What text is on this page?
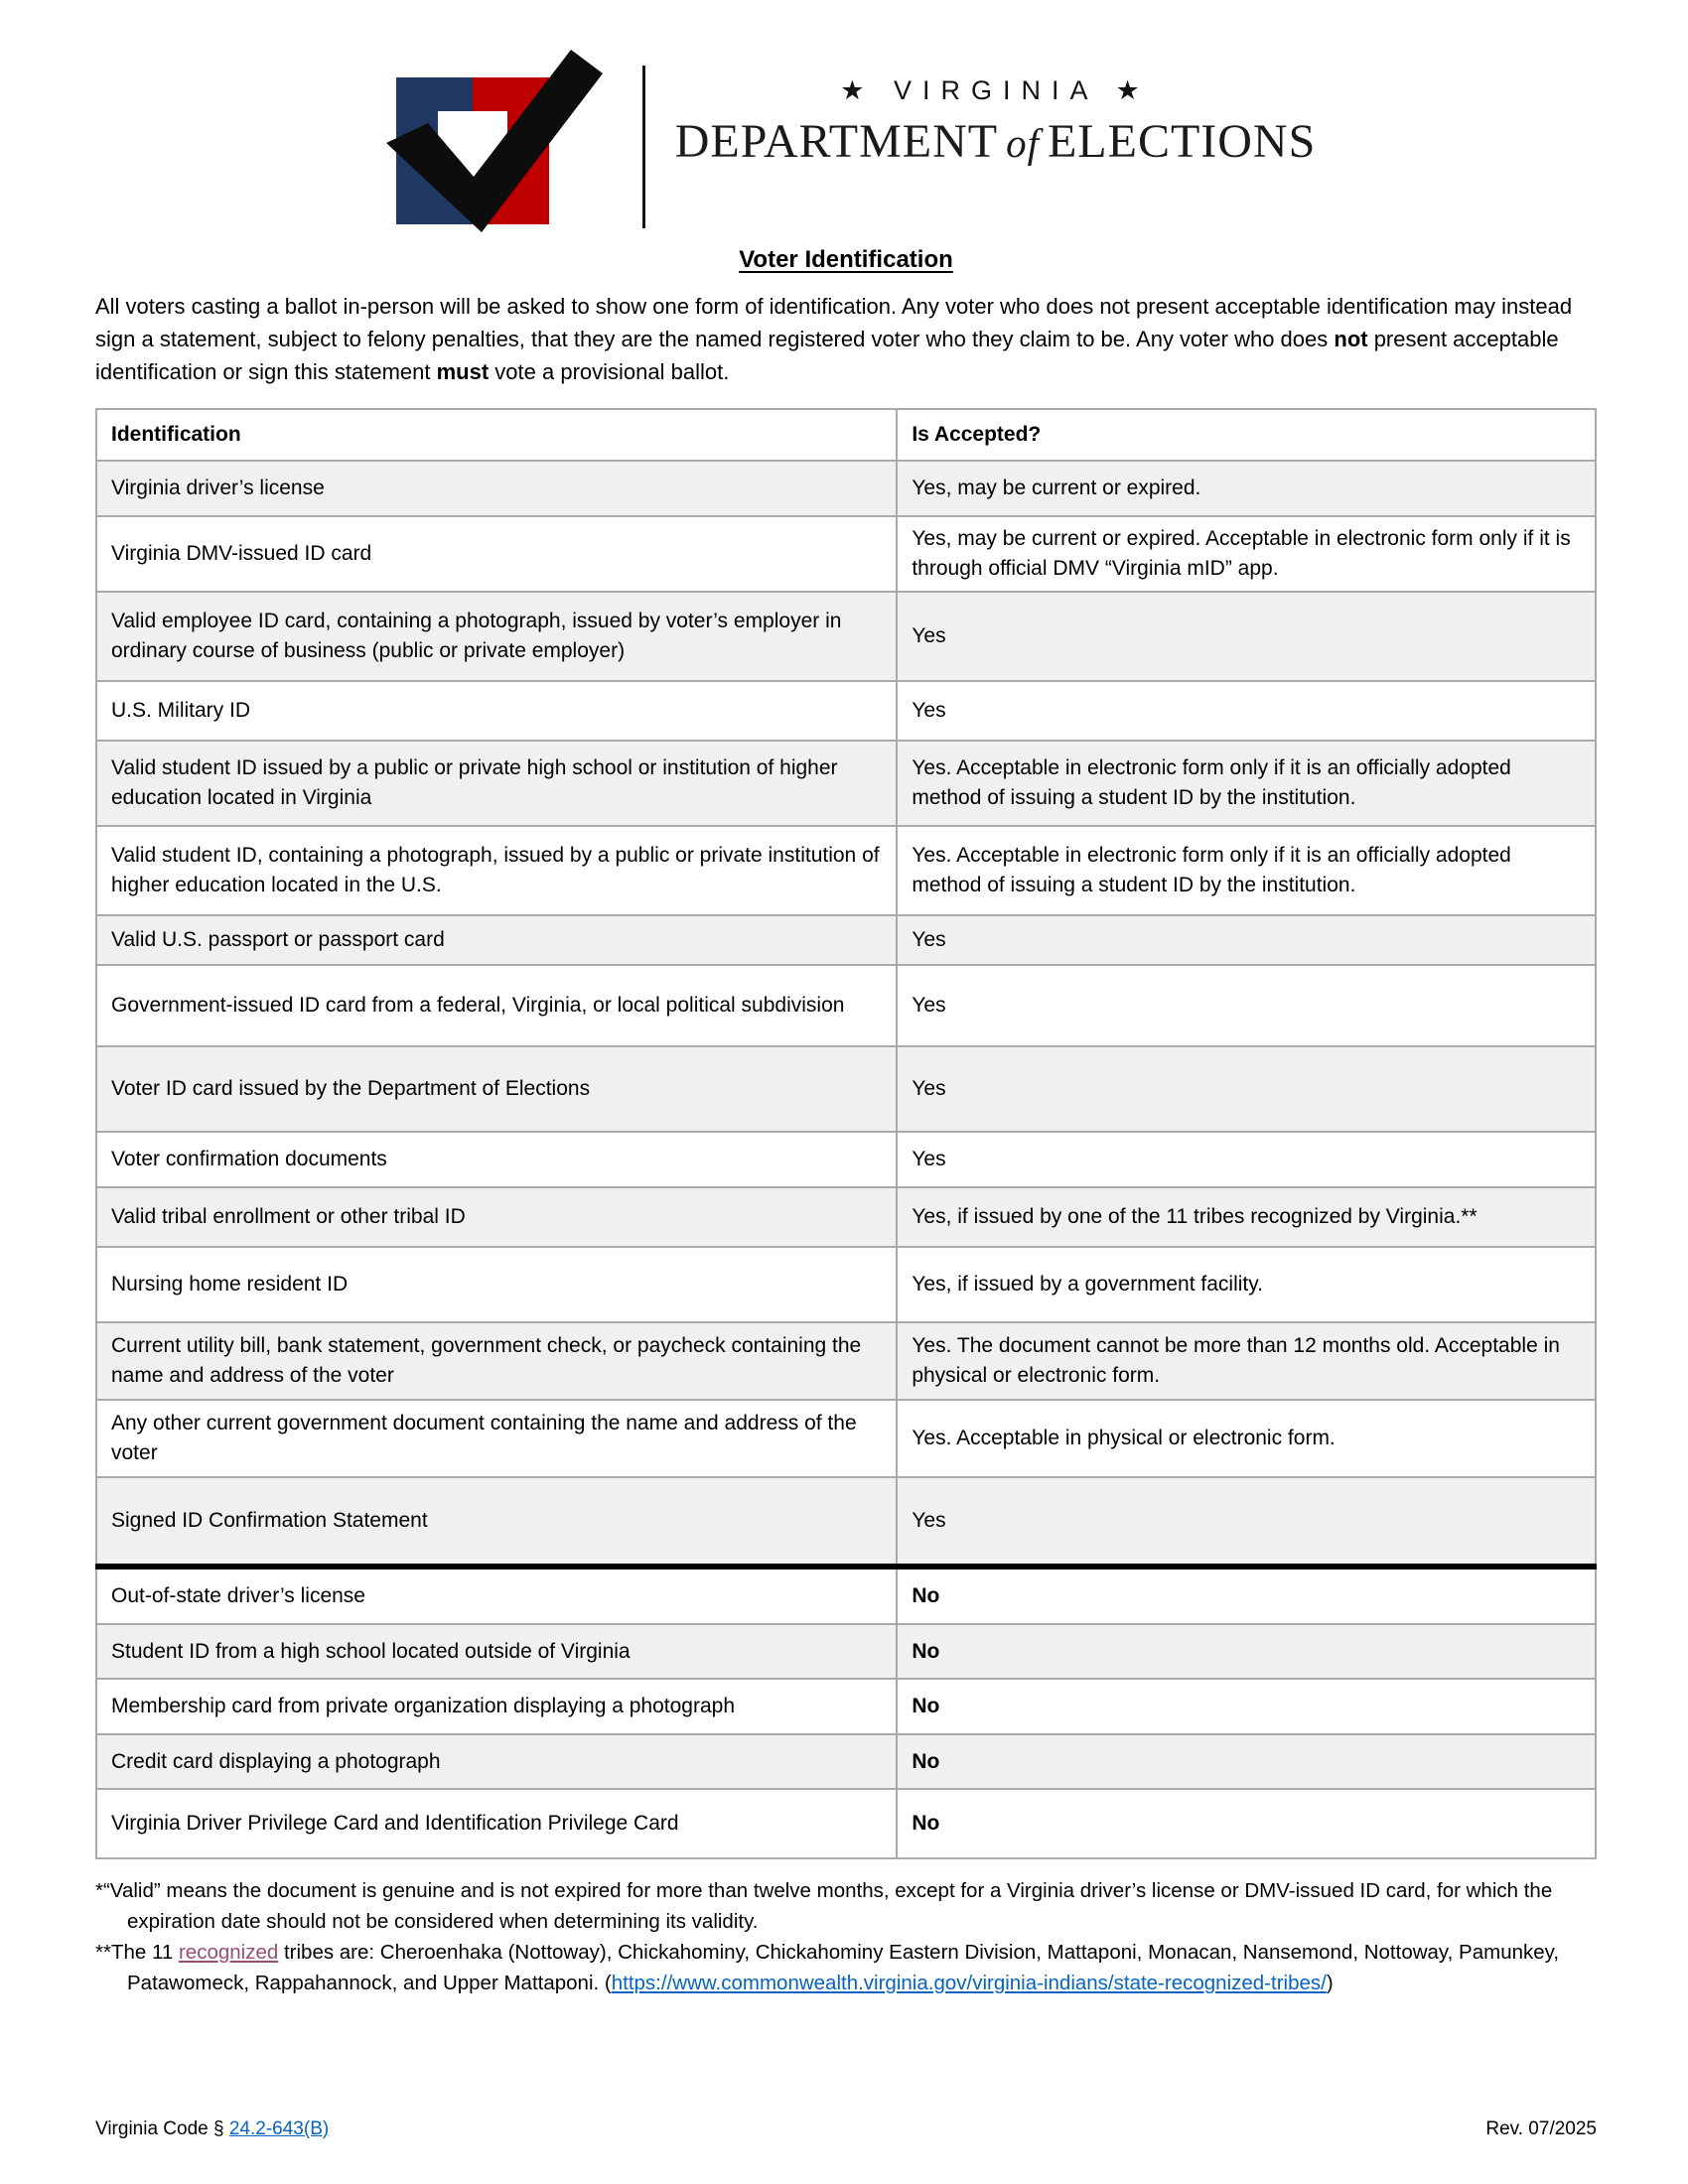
★ VIRGINIA ★
DEPARTMENT of ELECTIONS
Voter Identification

All voters casting a ballot in-person will be asked to show one form of identification. Any voter who does not present acceptable identification may instead sign a statement, subject to felony penalties, that they are the named registered voter who they claim to be. Any voter who does not present acceptable identification or sign this statement must vote a provisional ballot.

Identification	Is Accepted?
Virginia driver’s license	Yes, may be current or expired.
Virginia DMV-issued ID card	Yes, may be current or expired. Acceptable in electronic form only if it is through official DMV “Virginia mID” app.
Valid employee ID card, containing a photograph, issued by voter’s employer in ordinary course of business (public or private employer)	Yes
U.S. Military ID	Yes
Valid student ID issued by a public or private high school or institution of higher education located in Virginia	Yes. Acceptable in electronic form only if it is an officially adopted method of issuing a student ID by the institution.
Valid student ID, containing a photograph, issued by a public or private institution of higher education located in the U.S.	Yes. Acceptable in electronic form only if it is an officially adopted method of issuing a student ID by the institution.
Valid U.S. passport or passport card	Yes
Government-issued ID card from a federal, Virginia, or local political subdivision	Yes
Voter ID card issued by the Department of Elections	Yes
Voter confirmation documents	Yes
Valid tribal enrollment or other tribal ID	Yes, if issued by one of the 11 tribes recognized by Virginia.**
Nursing home resident ID	Yes, if issued by a government facility.
Current utility bill, bank statement, government check, or paycheck containing the name and address of the voter	Yes. The document cannot be more than 12 months old. Acceptable in physical or electronic form.
Any other current government document containing the name and address of the voter	Yes. Acceptable in physical or electronic form.
Signed ID Confirmation Statement	Yes
Out-of-state driver’s license	No
Student ID from a high school located outside of Virginia	No
Membership card from private organization displaying a photograph	No
Credit card displaying a photograph	No
Virginia Driver Privilege Card and Identification Privilege Card	No

*“Valid” means the document is genuine and is not expired for more than twelve months, except for a Virginia driver’s license or DMV-issued ID card, for which the expiration date should not be considered when determining its validity.

**The 11 recognized tribes are: Cheroenhaka (Nottoway), Chickahominy, Chickahominy Eastern Division, Mattaponi, Monacan, Nansemond, Nottoway, Pamunkey, Patawomeck, Rappahannock, and Upper Mattaponi. (https://www.commonwealth.virginia.gov/virginia-indians/state-recognized-tribes/)

Virginia Code § 24.2-643(B)	Rev. 07/2025
